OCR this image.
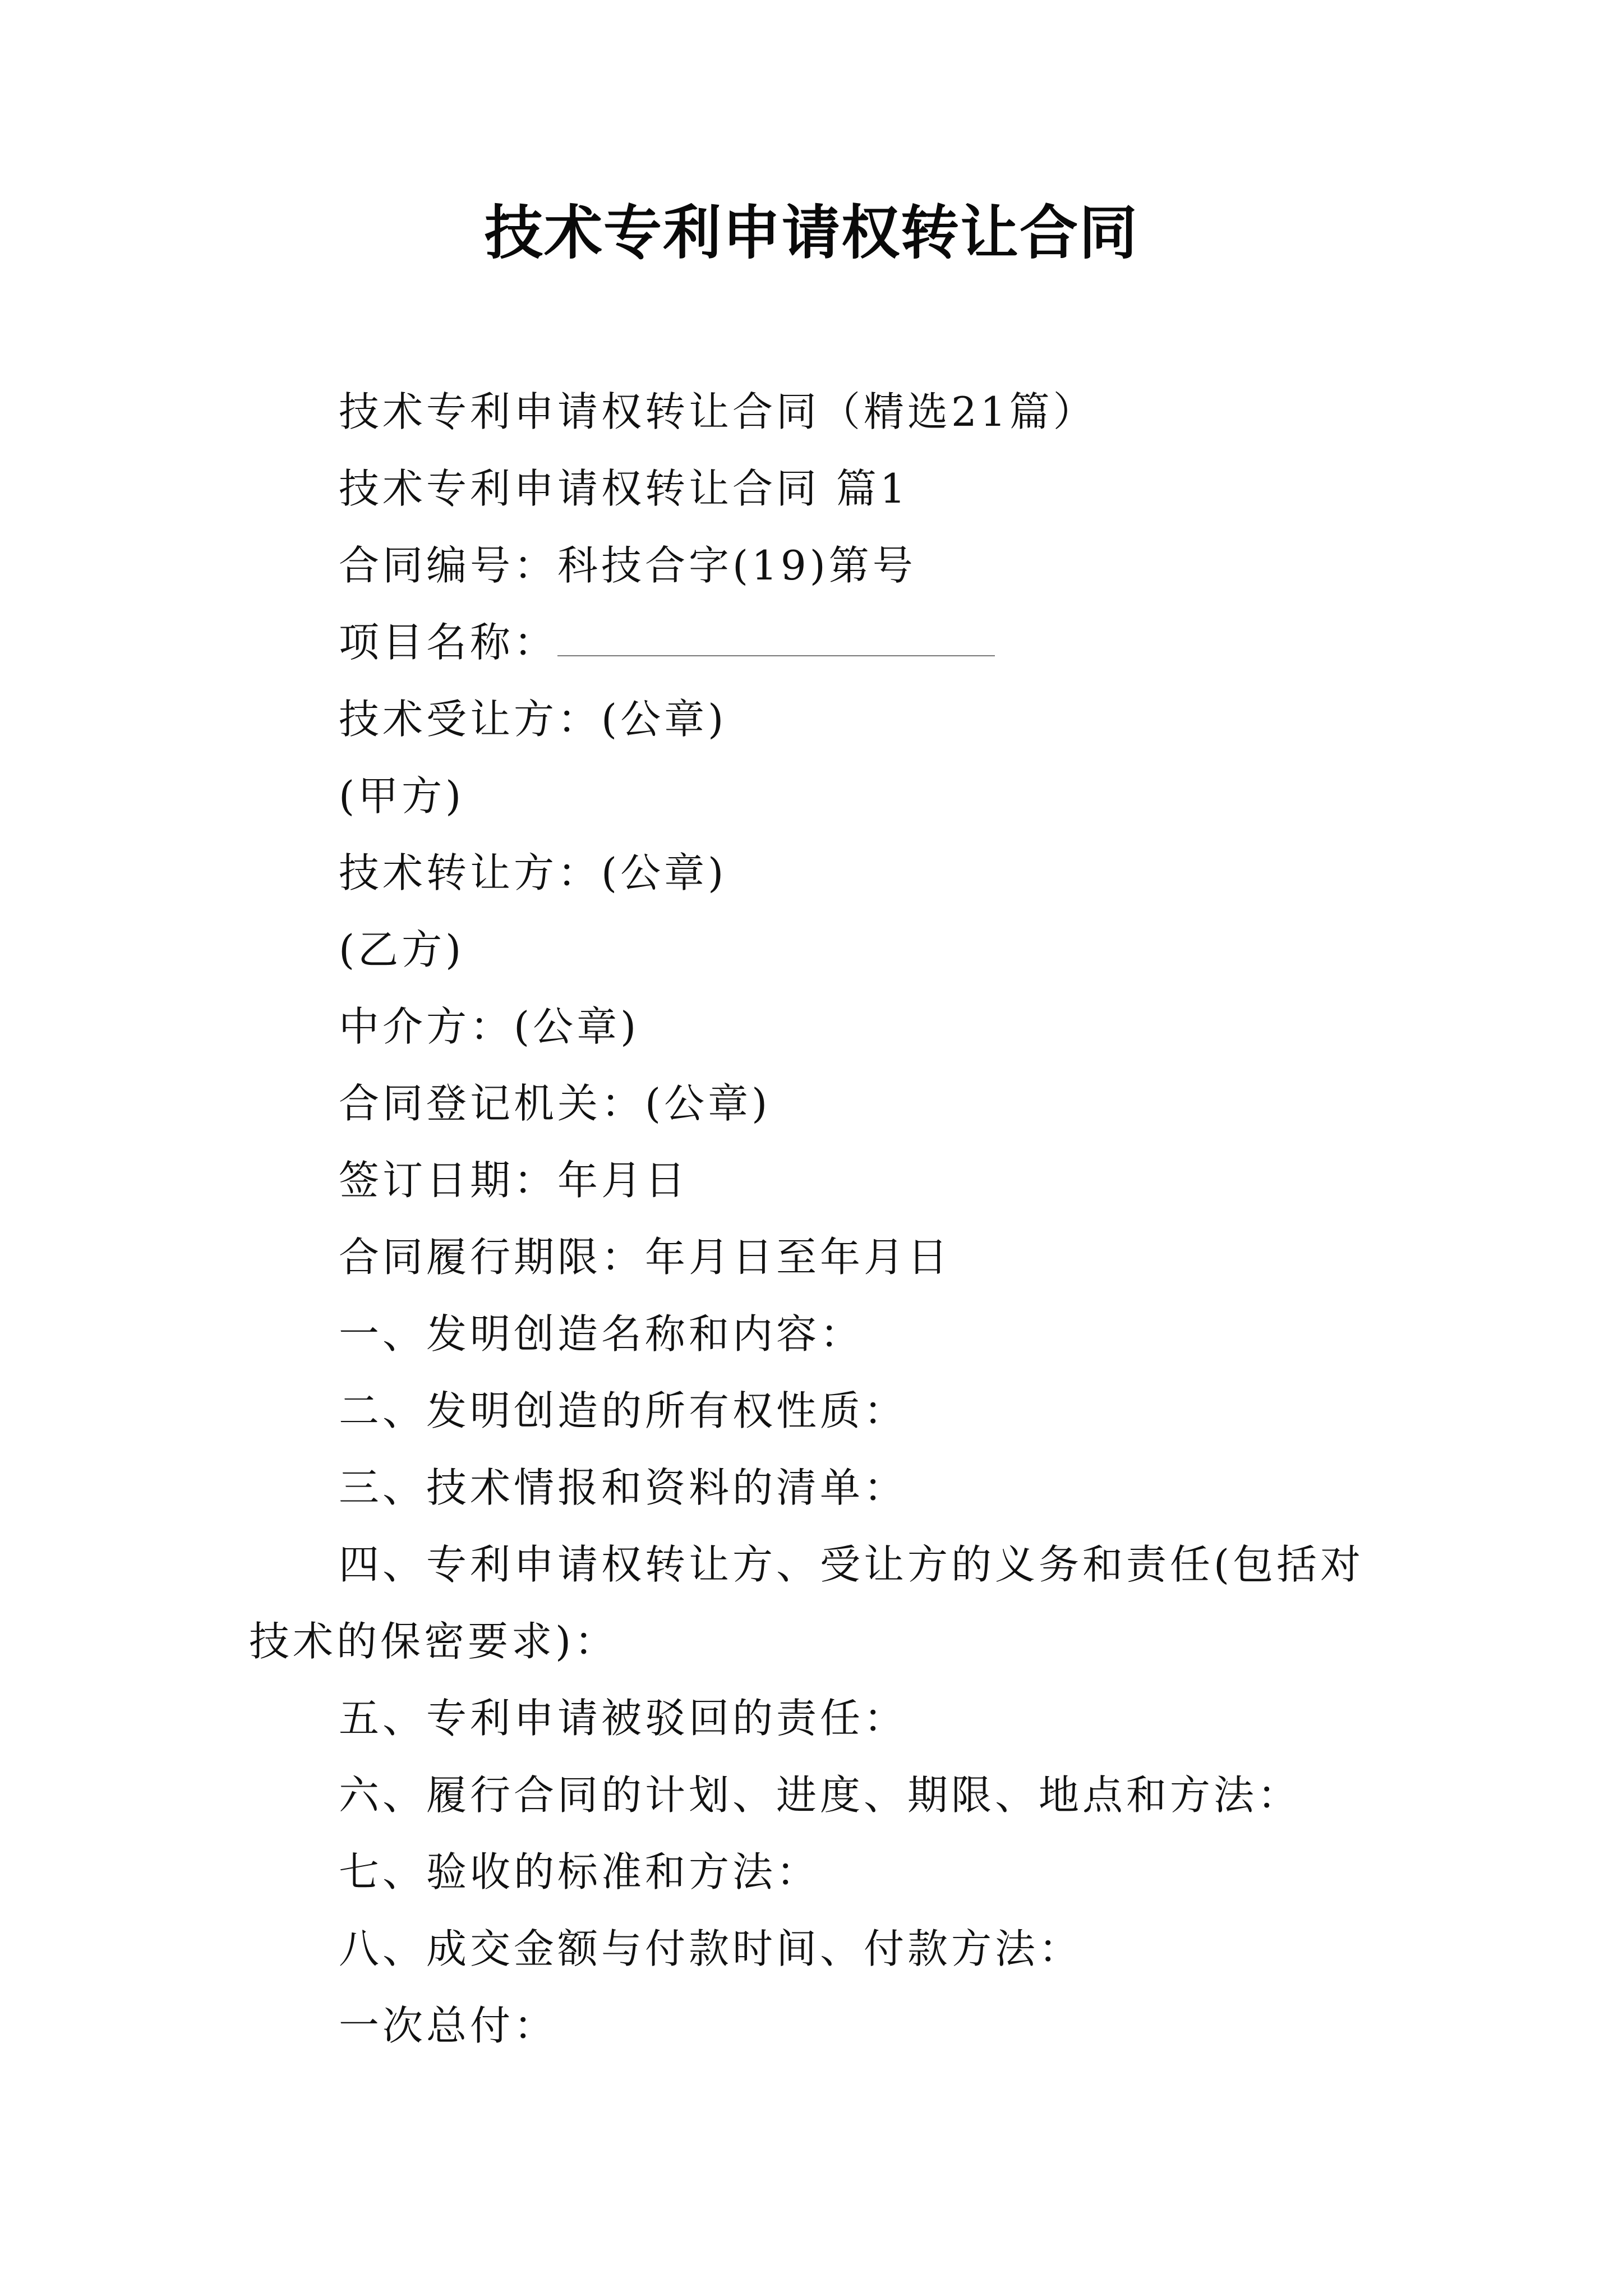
技术专利申请权转让合同
技术专利申请权转让合同（精选21篇）
技术专利申请权转让合同 篇1
合同编号：科技合字(19)第号
项目名称：
技术受让方：(公章)
(甲方)
技术转让方：(公章)
(乙方)
中介方：(公章)
合同登记机关：(公章)
签订日期：年月日
合同履行期限：年月日至年月日
一、发明创造名称和内容：
二、发明创造的所有权性质：
三、技术情报和资料的清单：
四、专利申请权转让方、受让方的义务和责任(包括对技术的保密要求)：
五、专利申请被驳回的责任：
六、履行合同的计划、进度、期限、地点和方法：
七、验收的标准和方法：
八、成交金额与付款时间、付款方法：
一次总付：
